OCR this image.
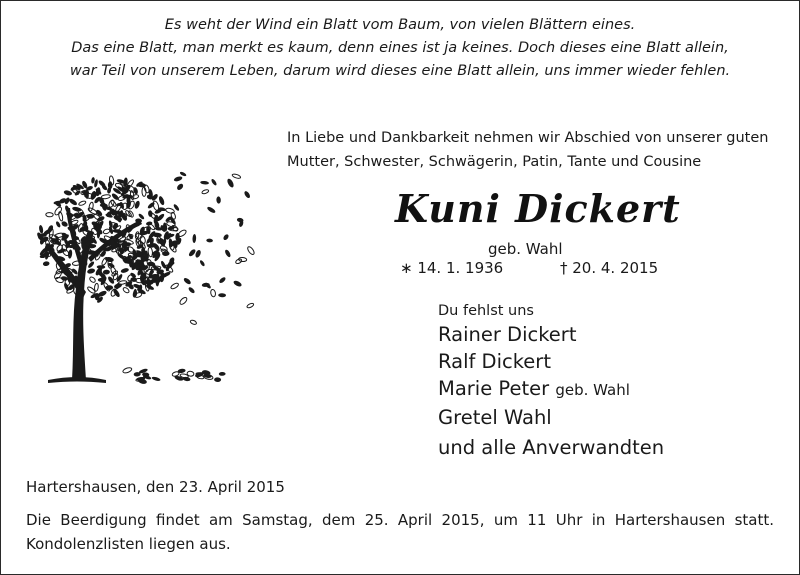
Es weht der Wind ein Blatt vom Baum, von vielen Blättern eines.
Das eine Blatt, man merkt es kaum, denn eines ist ja keines. Doch dieses eine Blatt allein,
war Teil von unserem Leben, darum wird dieses eine Blatt allein, uns immer wieder fehlen.
In Liebe und Dankbarkeit nehmen wir Abschied von unserer guten
Mutter, Schwester, Schwägerin, Patin, Tante und Cousine
Kuni Dickert
geb. Wahl
∗ 14. 1. 1936	† 20. 4. 2015
Du fehlst uns
Rainer Dickert
Ralf Dickert
Marie Peter geb. Wahl
Gretel Wahl
und alle Anverwandten
Hartershausen, den 23. April 2015
Die Beerdigung findet am Samstag, dem 25. April 2015, um 11 Uhr in Hartershausen statt.
Kondolenzlisten liegen aus.
